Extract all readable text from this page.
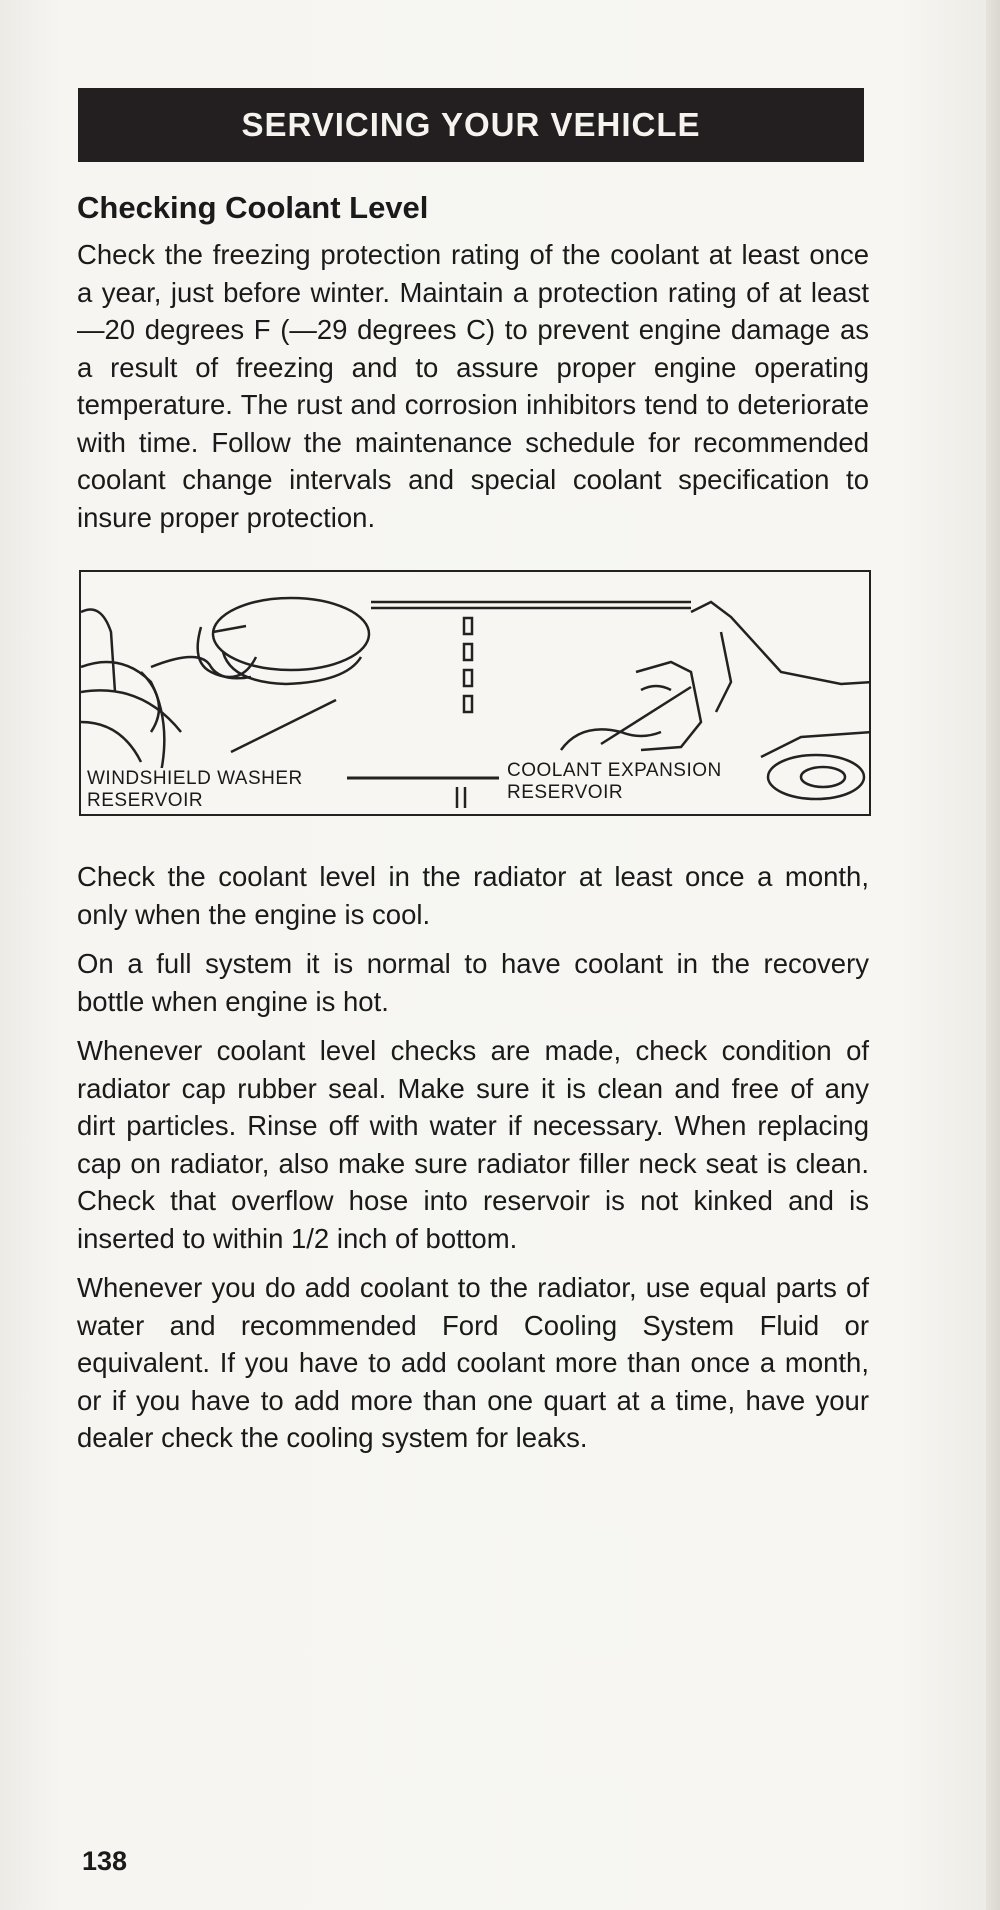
SERVICING YOUR VEHICLE
Checking Coolant Level

Check the freezing protection rating of the coolant at least once a year, just before winter. Maintain a protection rating of at least —20 degrees F (—29 degrees C) to prevent engine damage as a result of freezing and to assure proper engine operating temperature. The rust and corrosion inhibitors tend to deteriorate with time. Follow the maintenance schedule for recommended coolant change intervals and special coolant specification to insure proper protection.

WINDSHIELD WASHER
RESERVOIR
COOLANT EXPANSION
RESERVOIR

Check the coolant level in the radiator at least once a month, only when the engine is cool.

On a full system it is normal to have coolant in the recovery bottle when engine is hot.

Whenever coolant level checks are made, check condition of radiator cap rubber seal. Make sure it is clean and free of any dirt particles. Rinse off with water if necessary. When replacing cap on radiator, also make sure radiator filler neck seat is clean. Check that overflow hose into reservoir is not kinked and is inserted to within 1/2 inch of bottom.

Whenever you do add coolant to the radiator, use equal parts of water and recommended Ford Cooling System Fluid or equivalent. If you have to add coolant more than once a month, or if you have to add more than one quart at a time, have your dealer check the cooling system for leaks.

138
